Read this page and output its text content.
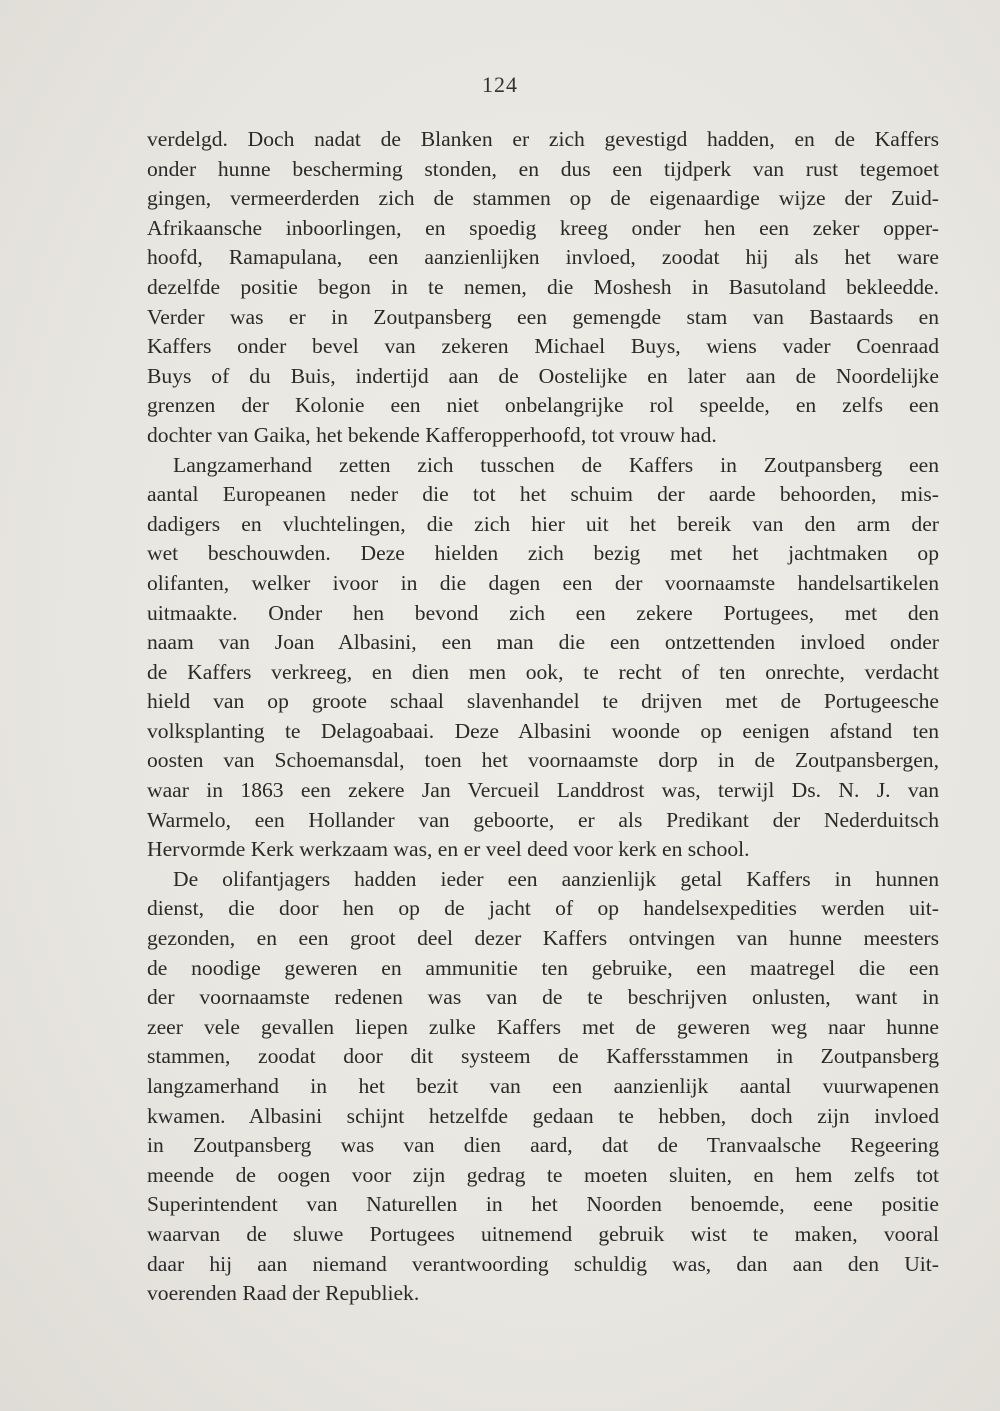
124
verdelgd. Doch nadat de Blanken er zich gevestigd hadden, en de Kaffers
onder hunne bescherming stonden, en dus een tijdperk van rust tegemoet
gingen, vermeerderden zich de stammen op de eigenaardige wijze der Zuid-
Afrikaansche inboorlingen, en spoedig kreeg onder hen een zeker opper-
hoofd, Ramapulana, een aanzienlijken invloed, zoodat hij als het ware
dezelfde positie begon in te nemen, die Moshesh in Basutoland bekleedde.
Verder was er in Zoutpansberg een gemengde stam van Bastaards en
Kaffers onder bevel van zekeren Michael Buys, wiens vader Coenraad
Buys of du Buis, indertijd aan de Oostelijke en later aan de Noordelijke
grenzen der Kolonie een niet onbelangrijke rol speelde, en zelfs een
dochter van Gaika, het bekende Kafferopperhoofd, tot vrouw had.
Langzamerhand zetten zich tusschen de Kaffers in Zoutpansberg een
aantal Europeanen neder die tot het schuim der aarde behoorden, mis-
dadigers en vluchtelingen, die zich hier uit het bereik van den arm der
wet beschouwden. Deze hielden zich bezig met het jachtmaken op
olifanten, welker ivoor in die dagen een der voornaamste handelsartikelen
uitmaakte. Onder hen bevond zich een zekere Portugees, met den
naam van Joan Albasini, een man die een ontzettenden invloed onder
de Kaffers verkreeg, en dien men ook, te recht of ten onrechte, verdacht
hield van op groote schaal slavenhandel te drijven met de Portugeesche
volksplanting te Delagoabaai. Deze Albasini woonde op eenigen afstand ten
oosten van Schoemansdal, toen het voornaamste dorp in de Zoutpansbergen,
waar in 1863 een zekere Jan Vercueil Landdrost was, terwijl Ds. N. J. van
Warmelo, een Hollander van geboorte, er als Predikant der Nederduitsch
Hervormde Kerk werkzaam was, en er veel deed voor kerk en school.
De olifantjagers hadden ieder een aanzienlijk getal Kaffers in hunnen
dienst, die door hen op de jacht of op handelsexpedities werden uit-
gezonden, en een groot deel dezer Kaffers ontvingen van hunne meesters
de noodige geweren en ammunitie ten gebruike, een maatregel die een
der voornaamste redenen was van de te beschrijven onlusten, want in
zeer vele gevallen liepen zulke Kaffers met de geweren weg naar hunne
stammen, zoodat door dit systeem de Kaffersstammen in Zoutpansberg
langzamerhand in het bezit van een aanzienlijk aantal vuurwapenen
kwamen. Albasini schijnt hetzelfde gedaan te hebben, doch zijn invloed
in Zoutpansberg was van dien aard, dat de Tranvaalsche Regeering
meende de oogen voor zijn gedrag te moeten sluiten, en hem zelfs tot
Superintendent van Naturellen in het Noorden benoemde, eene positie
waarvan de sluwe Portugees uitnemend gebruik wist te maken, vooral
daar hij aan niemand verantwoording schuldig was, dan aan den Uit-
voerenden Raad der Republiek.
